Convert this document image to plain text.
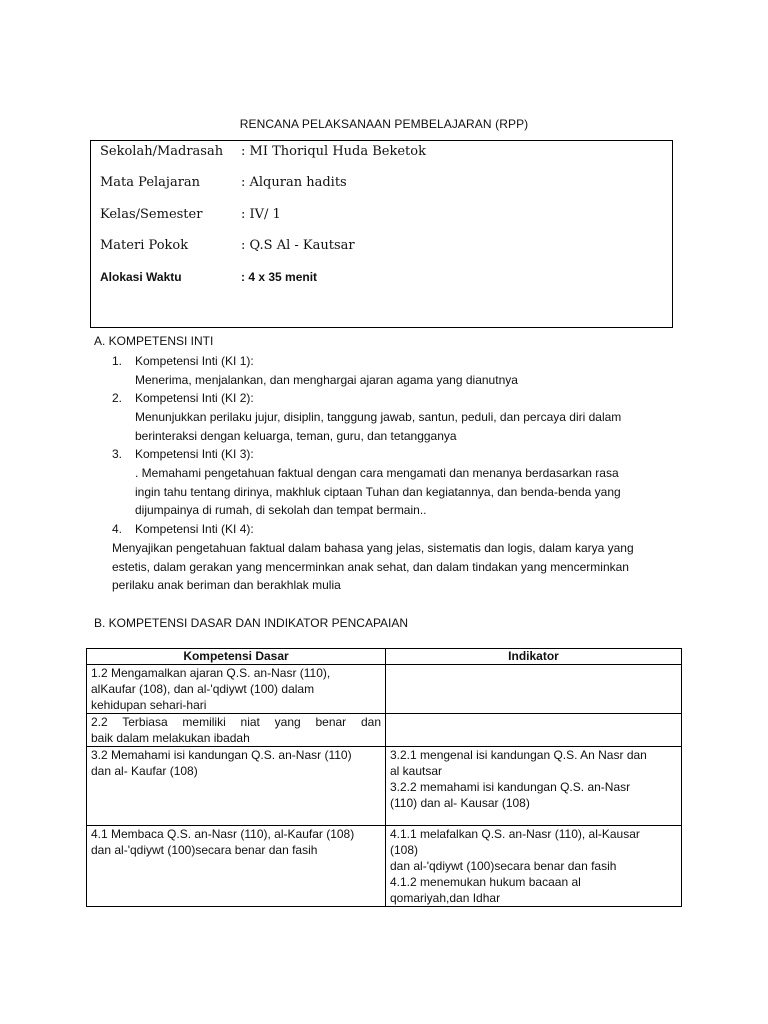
RENCANA PELAKSANAAN PEMBELAJARAN (RPP)
Sekolah/Madrasah : MI Thoriqul Huda Beketok
Mata Pelajaran	: Alquran hadits
Kelas/Semester	: IV/ 1
Materi Pokok	: Q.S Al - Kautsar
Alokasi Waktu	: 4 x 35 menit
A. KOMPETENSI INTI
1. Kompetensi Inti (KI 1):
Menerima, menjalankan, dan menghargai ajaran agama yang dianutnya
2. Kompetensi Inti (KI 2):
Menunjukkan perilaku jujur, disiplin, tanggung jawab, santun, peduli, dan percaya diri dalam
berinteraksi dengan keluarga, teman, guru, dan tetangganya
3. Kompetensi Inti (KI 3):
. Memahami pengetahuan faktual dengan cara mengamati dan menanya berdasarkan rasa
ingin tahu tentang dirinya, makhluk ciptaan Tuhan dan kegiatannya, dan benda-benda yang
dijumpainya di rumah, di sekolah dan tempat bermain..
4. Kompetensi Inti (KI 4):
Menyajikan pengetahuan faktual dalam bahasa yang jelas, sistematis dan logis, dalam karya yang
estetis, dalam gerakan yang mencerminkan anak sehat, dan dalam tindakan yang mencerminkan
perilaku anak beriman dan berakhlak mulia
B. KOMPETENSI DASAR DAN INDIKATOR PENCAPAIAN
Kompetensi Dasar	Indikator

1.2 Mengamalkan ajaran Q.S. an-Nasr (110),
alKaufar (108), dan al-'qdiywt (100) dalam
kehidupan sehari-hari	

2.2 Terbiasa memiliki niat yang benar dan
baik dalam melakukan ibadah	

3.2 Memahami isi kandungan Q.S. an-Nasr (110)
dan al- Kaufar (108)	3.2.1 mengenal isi kandungan Q.S. An Nasr dan
al kautsar
3.2.2 memahami isi kandungan Q.S. an-Nasr
(110) dan al- Kausar (108)

4.1 Membaca Q.S. an-Nasr (110), al-Kaufar (108)
dan al-'qdiywt (100)secara benar dan fasih	4.1.1 melafalkan Q.S. an-Nasr (110), al-Kausar
(108)
dan al-'qdiywt (100)secara benar dan fasih
4.1.2 menemukan hukum bacaan al
qomariyah,dan Idhar
